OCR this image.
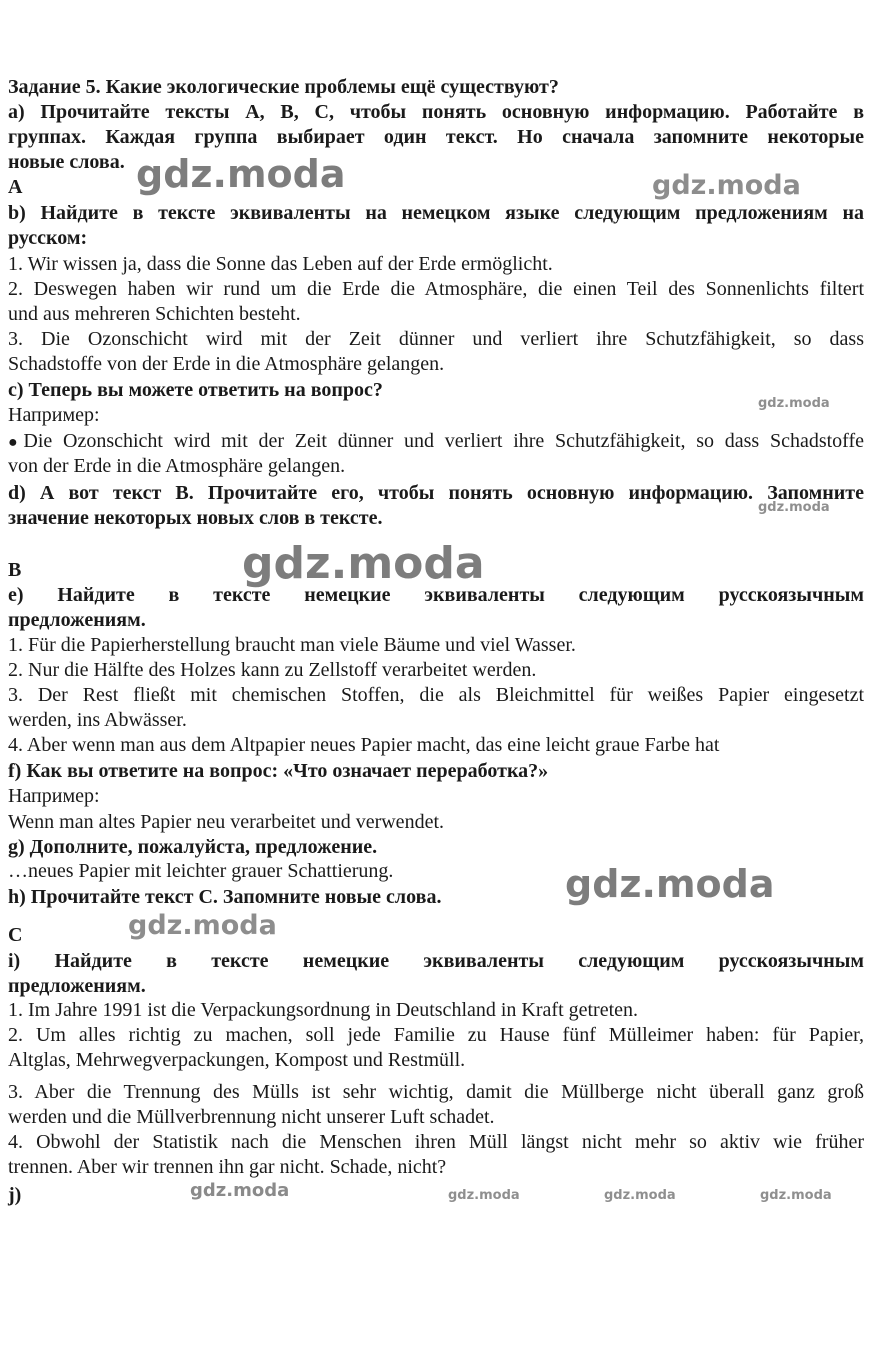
Задание 5. Какие экологические проблемы ещё существуют?
a) Прочитайте тексты A, B, C, чтобы понять основную информацию. Работайте в
группах. Каждая группа выбирает один текст. Но сначала запомните некоторые
новые слова.
A
b) Найдите в тексте эквиваленты на немецком языке следующим предложениям на
русском:
1. Wir wissen ja, dass die Sonne das Leben auf der Erde ermöglicht.
2. Deswegen haben wir rund um die Erde die Atmosphäre, die einen Teil des Sonnenlichts filtert
und aus mehreren Schichten besteht.
3. Die Ozonschicht wird mit der Zeit dünner und verliert ihre Schutzfähigkeit, so dass
Schadstoffe von der Erde in die Atmosphäre gelangen.
c) Теперь вы можете ответить на вопрос?
Например:
●Die Ozonschicht wird mit der Zeit dünner und verliert ihre Schutzfähigkeit, so dass Schadstoffe
von der Erde in die Atmosphäre gelangen.
d) А вот текст B. Прочитайте его, чтобы понять основную информацию. Запомните
значение некоторых новых слов в тексте.
B
e) Найдите в тексте немецкие эквиваленты следующим русскоязычным
предложениям.
1. Für die Papierherstellung braucht man viele Bäume und viel Wasser.
2. Nur die Hälfte des Holzes kann zu Zellstoff verarbeitet werden.
3. Der Rest fließt mit chemischen Stoffen, die als Bleichmittel für weißes Papier eingesetzt
werden, ins Abwässer.
4. Aber wenn man aus dem Altpapier neues Papier macht, das eine leicht graue Farbe hat
f) Как вы ответите на вопрос: «Что означает переработка?»
Например:
Wenn man altes Papier neu verarbeitet und verwendet.
g) Дополните, пожалуйста, предложение.
…neues Papier mit leichter grauer Schattierung.
h) Прочитайте текст C. Запомните новые слова.
C
i) Найдите в тексте немецкие эквиваленты следующим русскоязычным
предложениям.
1. Im Jahre 1991 ist die Verpackungsordnung in Deutschland in Kraft getreten.
2. Um alles richtig zu machen, soll jede Familie zu Hause fünf Mülleimer haben: für Papier,
Altglas, Mehrwegverpackungen, Kompost und Restmüll.
3. Aber die Trennung des Mülls ist sehr wichtig, damit die Müllberge nicht überall ganz groß
werden und die Müllverbrennung nicht unserer Luft schadet.
4. Obwohl der Statistik nach die Menschen ihren Müll längst nicht mehr so aktiv wie früher
trennen. Aber wir trennen ihn gar nicht. Schade, nicht?
j)
gdz.moda	gdz.moda
gdz.moda
gdz.moda
gdz.moda
gdz.moda
gdz.moda
gdz.moda	gdz.moda	gdz.moda	gdz.moda
